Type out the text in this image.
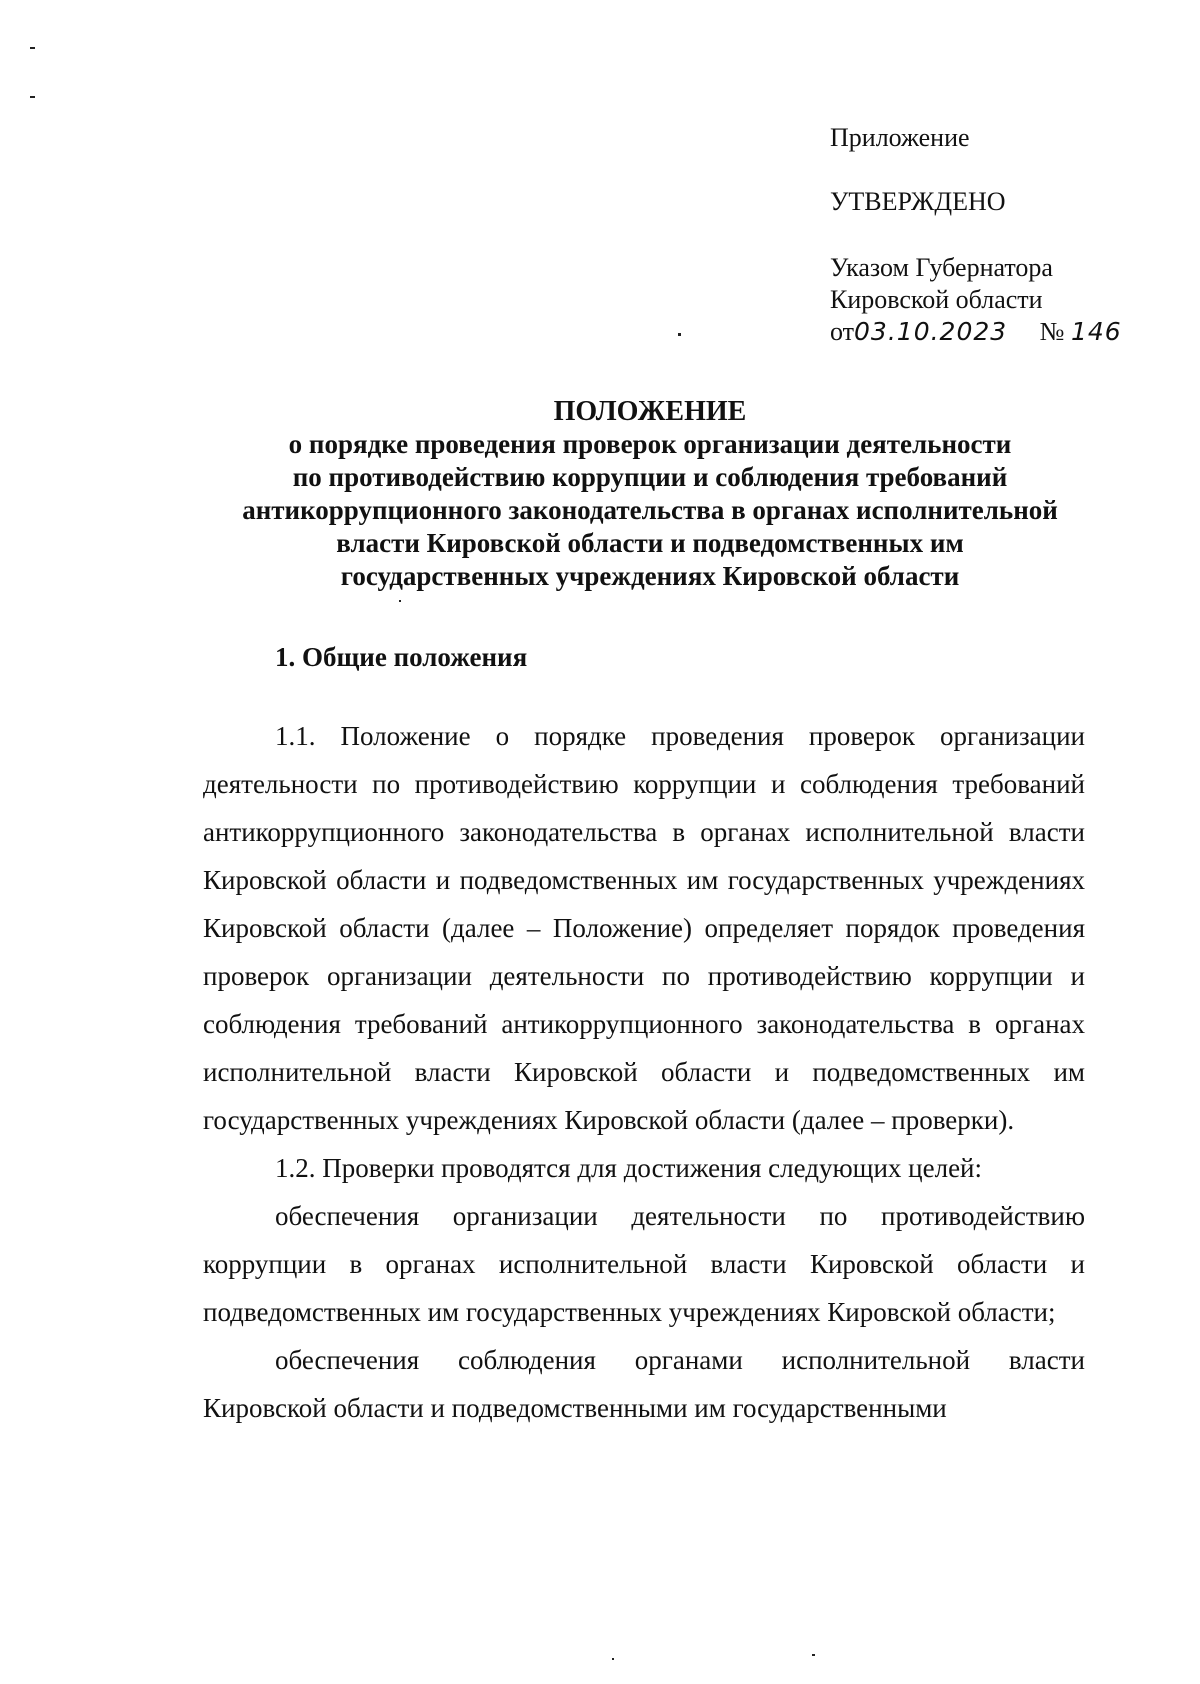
Приложение
УТВЕРЖДЕНО
Указом Губернатора
Кировской области
от03.10.2023 № 146
ПОЛОЖЕНИЕ
о порядке проведения проверок организации деятельности
по противодействию коррупции и соблюдения требований
антикоррупционного законодательства в органах исполнительной
власти Кировской области и подведомственных им
государственных учреждениях Кировской области
1. Общие положения

1.1. Положение о порядке проведения проверок организации деятельности по противодействию коррупции и соблюдения требований антикоррупционного законодательства в органах исполнительной власти Кировской области и подведомственных им государственных учреждениях Кировской области (далее – Положение) определяет порядок проведения проверок организации деятельности по противодействию коррупции и соблюдения требований антикоррупционного законодательства в органах исполнительной власти Кировской области и подведомственных им государственных учреждениях Кировской области (далее – проверки).

1.2. Проверки проводятся для достижения следующих целей:

обеспечения организации деятельности по противодействию коррупции в органах исполнительной власти Кировской области и подведомственных им государственных учреждениях Кировской области;

обеспечения соблюдения органами исполнительной власти Кировской области и подведомственными им государственными
